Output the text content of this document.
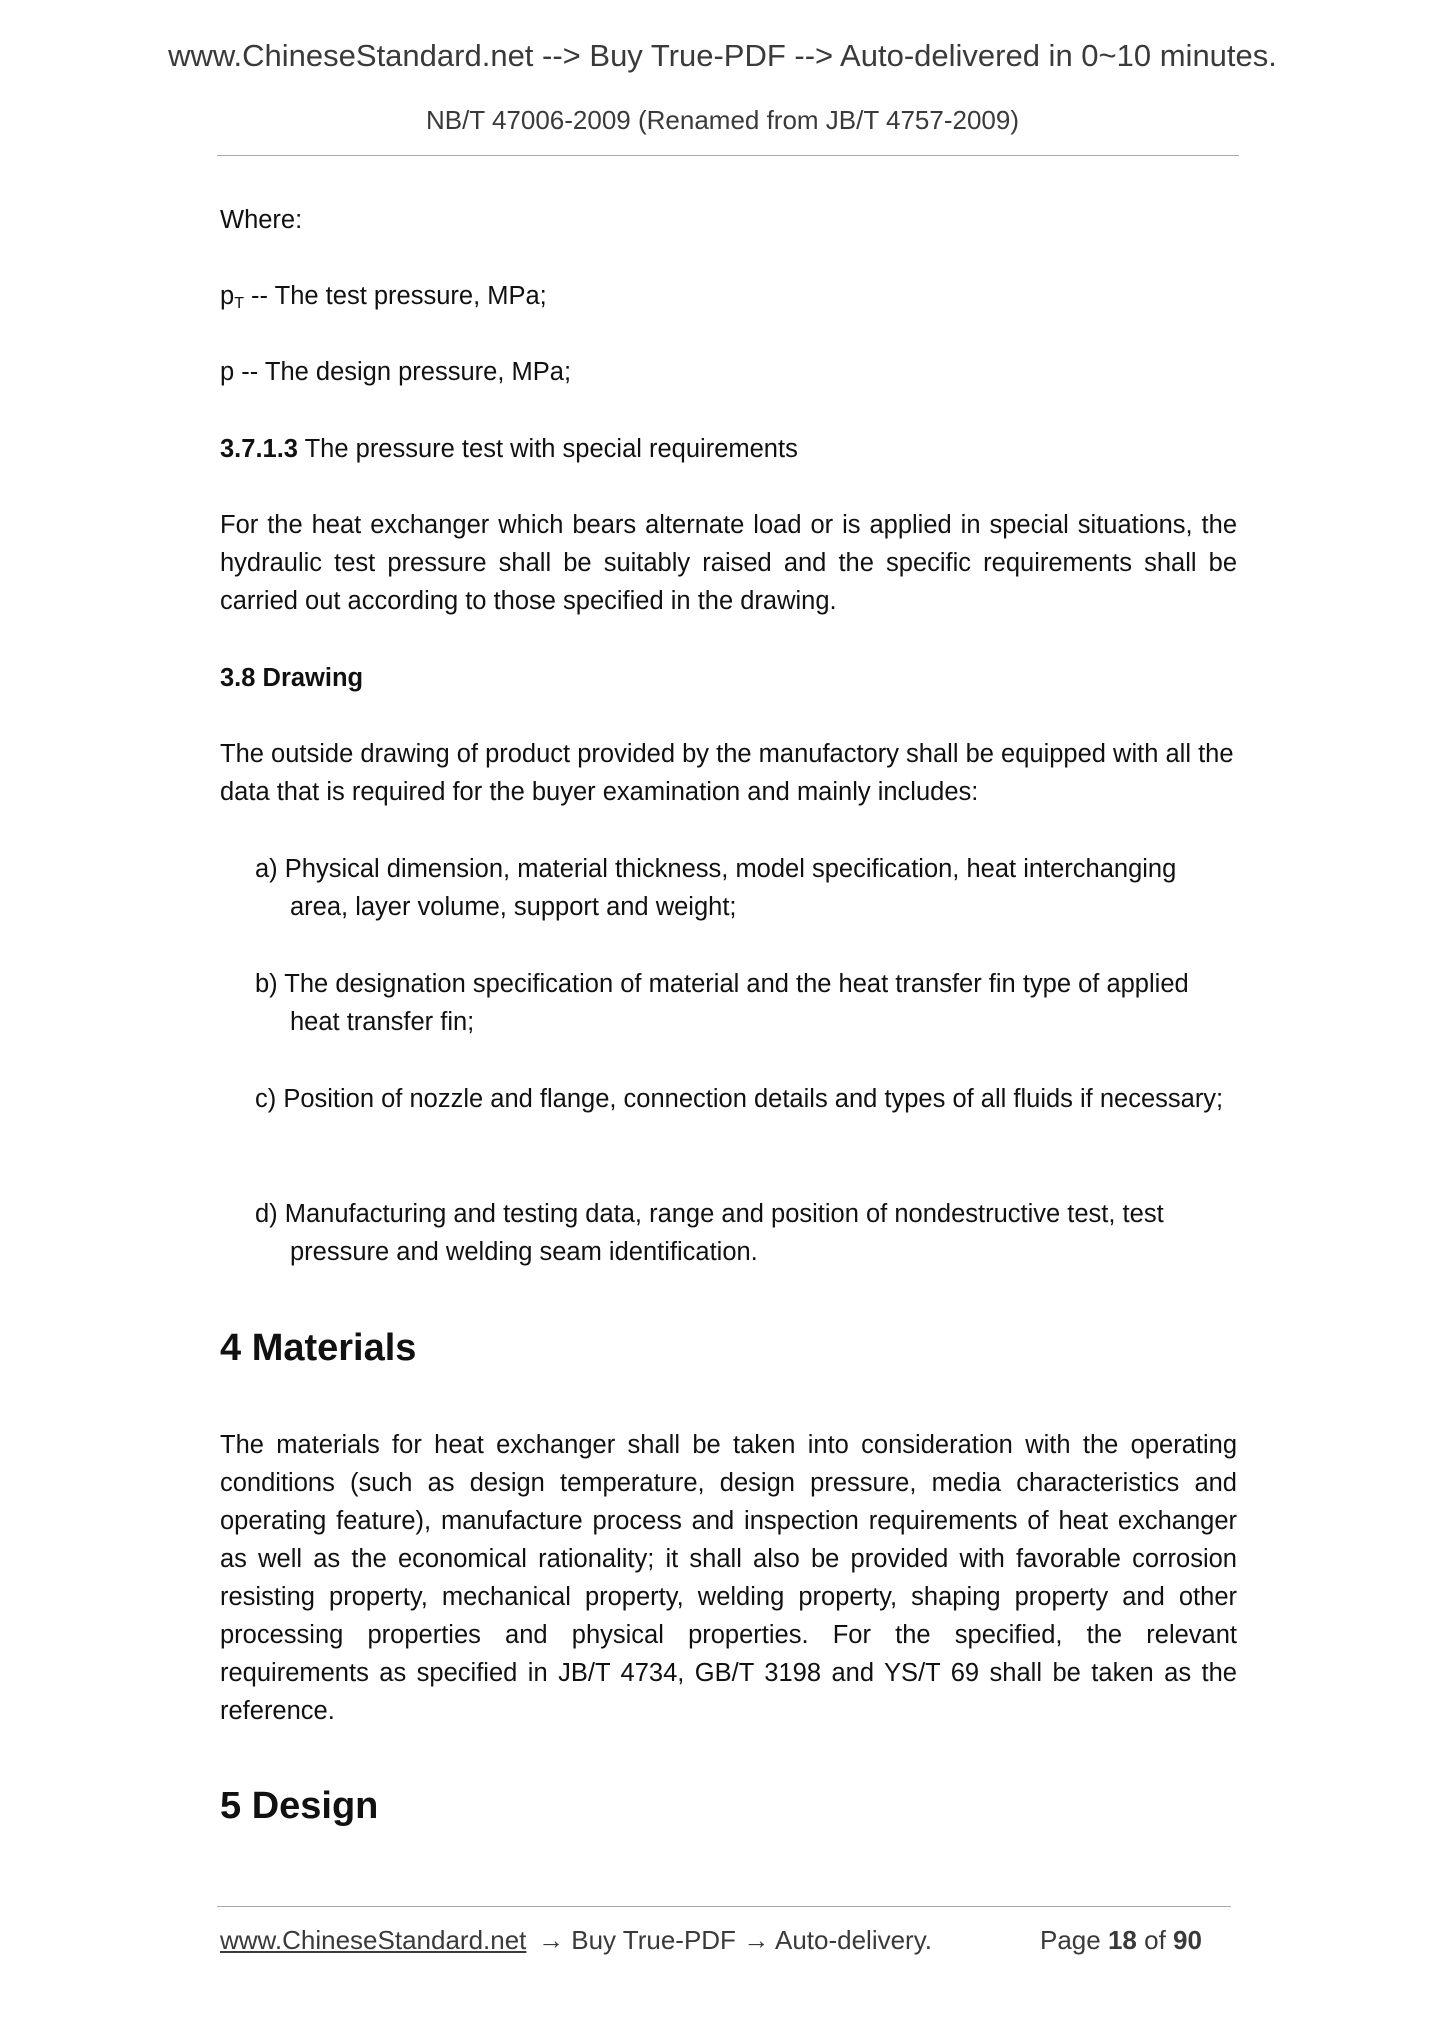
www.ChineseStandard.net --> Buy True-PDF --> Auto-delivered in 0~10 minutes.
NB/T 47006-2009 (Renamed from JB/T 4757-2009)

Where:

$p_T$ -- The test pressure, MPa;

p -- The design pressure, MPa;

3.7.1.3 The pressure test with special requirements

For the heat exchanger which bears alternate load or is applied in special situations, the hydraulic test pressure shall be suitably raised and the specific requirements shall be carried out according to those specified in the drawing.

3.8 Drawing

The outside drawing of product provided by the manufactory shall be equipped with all the data that is required for the buyer examination and mainly includes:

a) Physical dimension, material thickness, model specification, heat interchanging area, layer volume, support and weight;
b) The designation specification of material and the heat transfer fin type of applied heat transfer fin;
c) Position of nozzle and flange, connection details and types of all fluids if necessary;
d) Manufacturing and testing data, range and position of nondestructive test, test pressure and welding seam identification.
4 Materials

The materials for heat exchanger shall be taken into consideration with the operating conditions (such as design temperature, design pressure, media characteristics and operating feature), manufacture process and inspection requirements of heat exchanger as well as the economical rationality; it shall also be provided with favorable corrosion resisting property, mechanical property, welding property, shaping property and other processing properties and physical properties. For the specified, the relevant requirements as specified in JB/T 4734, GB/T 3198 and YS/T 69 shall be taken as the reference.

5 Design
www.ChineseStandard.net → Buy True-PDF → Auto-delivery.	Page 18 of 90
